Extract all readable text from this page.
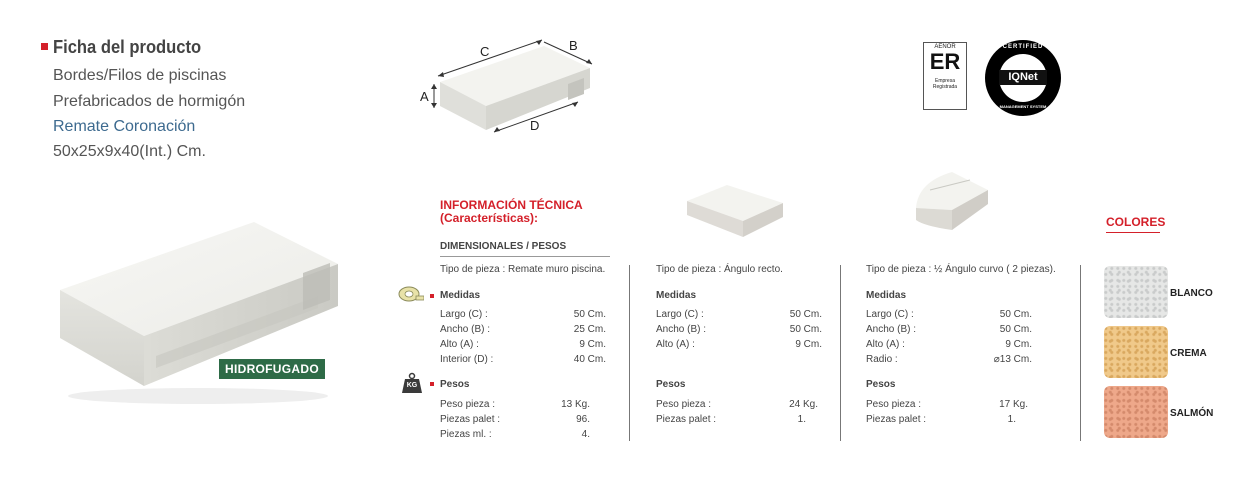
Ficha del producto
Bordes/Filos de piscinas
Prefabricados de hormigón
Remate Coronación
50x25x9x40(Int.) Cm.
HIDROFUGADO
C	B
A
D
AENOR
ER
Empresa
Registrada
CERTIFIED
IQNet
MANAGEMENT SYSTEM
INFORMACIÓN TÉCNICA
(Características):
DIMENSIONALES / PESOS
KG
Tipo de pieza : Remate muro piscina.
Medidas
Largo (C) :	50 Cm.
Ancho (B) :	25 Cm.
Alto (A) :	9 Cm.
Interior (D) :	40 Cm.
Pesos
Peso pieza :	13 Kg.
Piezas palet :	96.
Piezas ml. :	4.
Tipo de pieza : Ángulo recto.
Medidas
Largo (C) :	50 Cm.
Ancho (B) :	50 Cm.
Alto (A) :	9 Cm.
Pesos
Peso pieza :	24 Kg.
Piezas palet :	1.
Tipo de pieza : ½ Ángulo curvo ( 2 piezas).
Medidas
Largo (C) :	50 Cm.
Ancho (B) :	50 Cm.
Alto (A) :	9 Cm.
Radio :	⌀13 Cm.
Pesos
Peso pieza :	17 Kg.
Piezas palet :	1.
COLORES
BLANCO
CREMA
SALMÓN
